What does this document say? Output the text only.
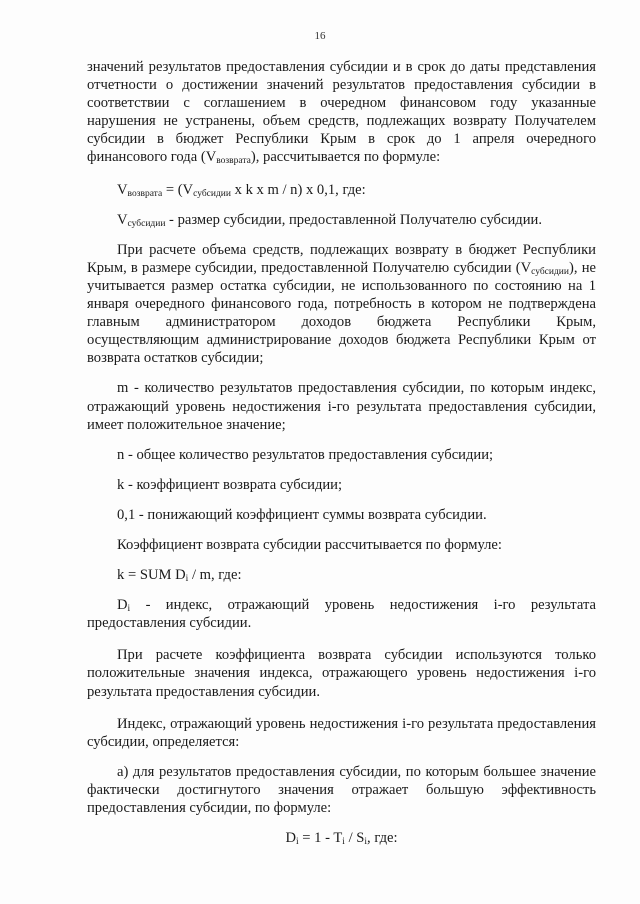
16

значений результатов предоставления субсидии и в срок до даты представления отчетности о достижении значений результатов предоставления субсидии в соответствии с соглашением в очередном финансовом году указанные нарушения не устранены, объем средств, подлежащих возврату Получателем субсидии в бюджет Республики Крым в срок до 1 апреля очередного финансового года $(V_{возврата})$, рассчитывается по формуле:

$V_{возврата} = (V_{субсидии}$ x k x m / n) x 0,1, где:

$V_{субсидии}$ - размер субсидии, предоставленной Получателю субсидии.

При расчете объема средств, подлежащих возврату в бюджет Республики Крым, в размере субсидии, предоставленной Получателю субсидии $(V_{субсидии})$, не учитывается размер остатка субсидии, не использованного по состоянию на 1 января очередного финансового года, потребность в котором не подтверждена главным администратором доходов бюджета Республики Крым, осуществляющим администрирование доходов бюджета Республики Крым от возврата остатков субсидии;

m - количество результатов предоставления субсидии, по которым индекс, отражающий уровень недостижения i-го результата предоставления субсидии, имеет положительное значение;

n - общее количество результатов предоставления субсидии;

k - коэффициент возврата субсидии;

0,1 - понижающий коэффициент суммы возврата субсидии.

Коэффициент возврата субсидии рассчитывается по формуле:

k = SUM $D_i$ / m, где:

$D_i$ - индекс, отражающий уровень недостижения i-го результата предоставления субсидии.

При расчете коэффициента возврата субсидии используются только положительные значения индекса, отражающего уровень недостижения i-го результата предоставления субсидии.

Индекс, отражающий уровень недостижения i-го результата предоставления субсидии, определяется:

а) для результатов предоставления субсидии, по которым большее значение фактически достигнутого значения отражает большую эффективность предоставления субсидии, по формуле:

$D_i = 1 - T_i / S_i$, где:
